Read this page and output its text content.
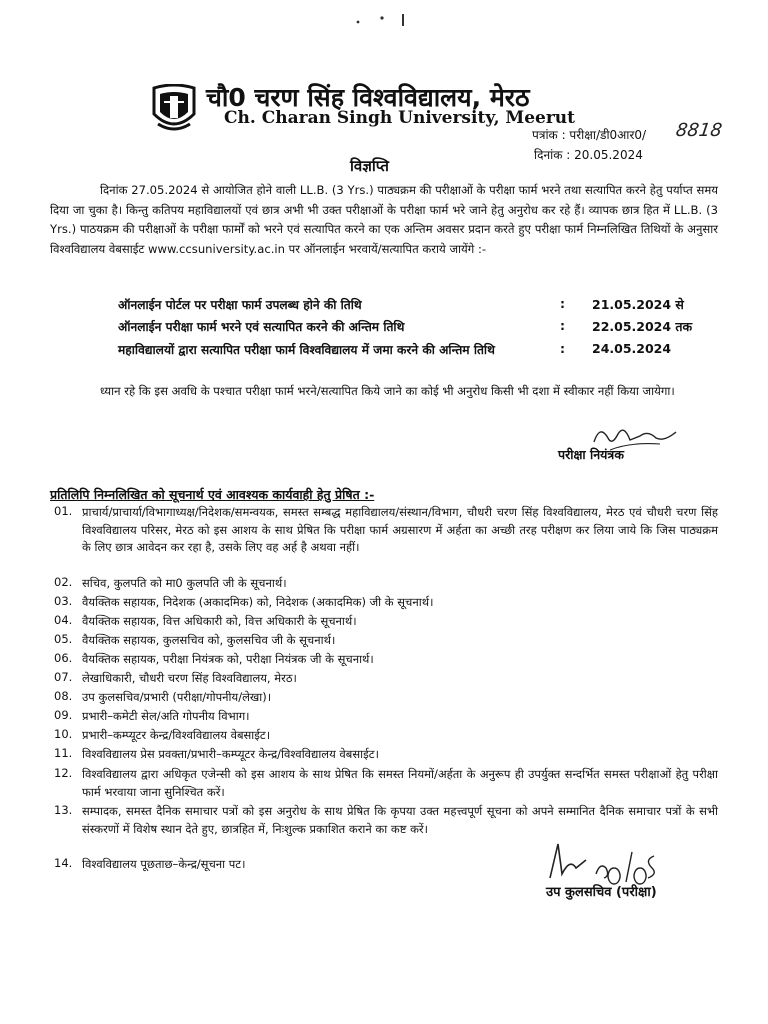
चौ0 चरण सिंह विश्वविद्यालय, मेरठ
Ch. Charan Singh University, Meerut
पत्रांक : परीक्षा/डी0आर0/ 8818
दिनांक : 20.05.2024
विज्ञप्ति
दिनांक 27.05.2024 से आयोजित होने वाली LL.B. (3 Yrs.) पाठ्यक्रम की परीक्षाओं के परीक्षा फार्म भरने तथा सत्यापित करने हेतु पर्याप्त समय दिया जा चुका है। किन्तु कतिपय महाविद्यालयों एवं छात्र अभी भी उक्त परीक्षाओं के परीक्षा फार्म भरे जाने हेतु अनुरोध कर रहे हैं। व्यापक छात्र हित में LL.B. (3 Yrs.) पाठयक्रम की परीक्षाओं के परीक्षा फार्मों को भरने एवं सत्यापित करने का एक अन्तिम अवसर प्रदान करते हुए परीक्षा फार्म निम्नलिखित तिथियों के अनुसार विश्वविद्यालय वेबसाईट www.ccsuniversity.ac.in पर ऑनलाईन भरवायें/सत्यापित कराये जायेंगे :-
ऑनलाईन पोर्टल पर परीक्षा फार्म उपलब्ध होने की तिथि	: 21.05.2024 से
ऑनलाईन परीक्षा फार्म भरने एवं सत्यापित करने की अन्तिम तिथि	: 22.05.2024 तक
महाविद्यालयों द्वारा सत्यापित परीक्षा फार्म विश्वविद्यालय में जमा करने की अन्तिम तिथि	: 24.05.2024
ध्यान रहे कि इस अवधि के पश्चात परीक्षा फार्म भरने/सत्यापित किये जाने का कोई भी अनुरोध किसी भी दशा में स्वीकार नहीं किया जायेगा।
परीक्षा नियंत्रक
प्रतिलिपि निम्नलिखित को सूचनार्थ एवं आवश्यक कार्यवाही हेतु प्रेषित :-
01. प्राचार्य/प्राचार्या/विभागाध्यक्ष/निदेशक/समन्वयक, समस्त सम्बद्ध महाविद्यालय/संस्थान/विभाग, चौधरी चरण सिंह विश्वविद्यालय, मेरठ एवं चौधरी चरण सिंह विश्वविद्यालय परिसर, मेरठ को इस आशय के साथ प्रेषित कि परीक्षा फार्म अग्रसारण में अर्हता का अच्छी तरह परीक्षण कर लिया जाये कि जिस पाठ्यक्रम के लिए छात्र आवेदन कर रहा है, उसके लिए वह अर्ह है अथवा नहीं।
02. सचिव, कुलपति को मा0 कुलपति जी के सूचनार्थ।
03. वैयक्तिक सहायक, निदेशक (अकादमिक) को, निदेशक (अकादमिक) जी के सूचनार्थ।
04. वैयक्तिक सहायक, वित्त अधिकारी को, वित्त अधिकारी के सूचनार्थ।
05. वैयक्तिक सहायक, कुलसचिव को, कुलसचिव जी के सूचनार्थ।
06. वैयक्तिक सहायक, परीक्षा नियंत्रक को, परीक्षा नियंत्रक जी के सूचनार्थ।
07. लेखाधिकारी, चौधरी चरण सिंह विश्वविद्यालय, मेरठ।
08. उप कुलसचिव/प्रभारी (परीक्षा/गोपनीय/लेखा)।
09. प्रभारी–कमेटी सेल/अति गोपनीय विभाग।
10. प्रभारी–कम्प्यूटर केन्द्र/विश्वविद्यालय वेबसाईट।
11. विश्वविद्यालय प्रेस प्रवक्ता/प्रभारी–कम्प्यूटर केन्द्र/विश्वविद्यालय वेबसाईट।
12. विश्वविद्यालय द्वारा अधिकृत एजेन्सी को इस आशय के साथ प्रेषित कि समस्त नियमों/अर्हता के अनुरूप ही उपर्युक्त सन्दर्भित समस्त परीक्षाओं हेतु परीक्षा फार्म भरवाया जाना सुनिश्चित करें।
13. सम्पादक, समस्त दैनिक समाचार पत्रों को इस अनुरोध के साथ प्रेषित कि कृपया उक्त महत्त्वपूर्ण सूचना को अपने सम्मानित दैनिक समाचार पत्रों के सभी संस्करणों में विशेष स्थान देते हुए, छात्रहित में, निःशुल्क प्रकाशित कराने का कष्ट करें।
14. विश्वविद्यालय पूछताछ–केन्द्र/सूचना पट।
उप कुलसचिव (परीक्षा)
